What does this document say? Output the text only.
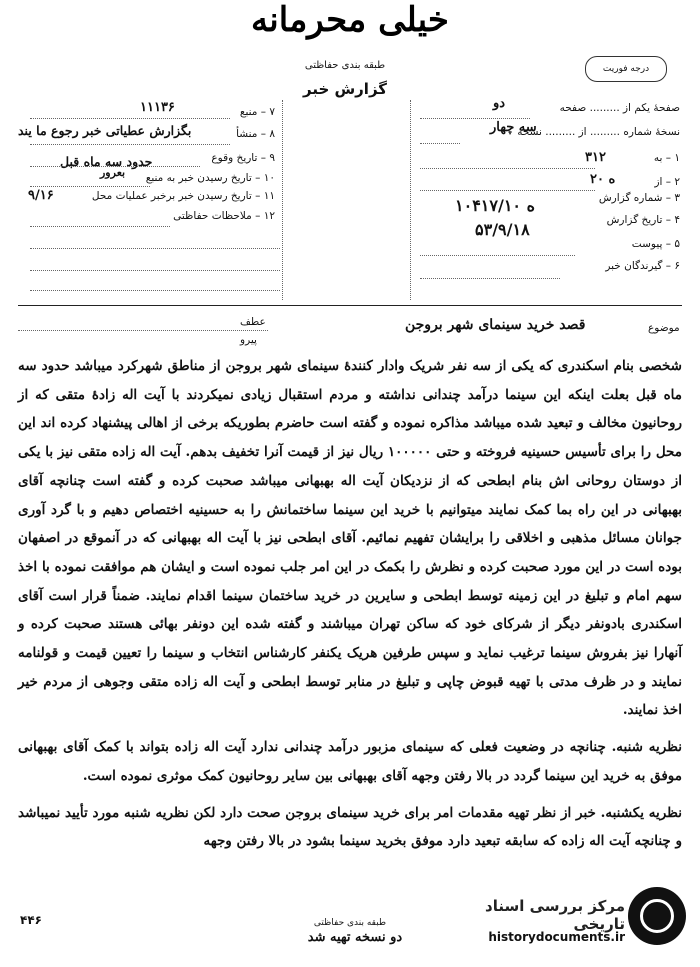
خیلی محرمانه
طبقه بندی حفاظتی
گزارش خبر
درجه فوریت
صفحهٔ یکم از ......... صفحه
دو
نسخهٔ شماره ......... از ......... نسخه
سه چهار
۱ – به
۳۱۲
۲ – از
۲۰ ه
۳ – شماره گزارش
۱۰۴۱۷/۱۰ ه
۴ – تاریخ گزارش
۵۳/۹/۱۸
۵ – پیوست
۶ – گیرندگان خبر
۷ – منبع
۱۱۱۳۶
۸ – منشأ
بگزارش عطیاتی خبر رجوع ما یند
۹ – تاریخ وقوع
حدود سه ماه قبل
۱۰ – تاریخ رسیدن خبر به منبع
بعرور
۱۱ – تاریخ رسیدن خبر برخبر عملیات محل
۹/۱۶
۱۲ – ملاحظات حفاظتی
موضوع
قصد خرید سینمای شهر بروجن
عطف
پیرو

شخصی بنام اسکندری که یکی از سه نفر شریک وادار کنندهٔ سینمای شهر بروجن از مناطق شهرکرد میباشد حدود سه ماه قبل بعلت اینکه این سینما درآمد چندانی نداشته و مردم استقبال زیادی نمیکردند با آیت اله زادهٔ متقی که از روحانیون مخالف و تبعید شده میباشد مذاکره نموده و گفته است حاضرم بطوریکه برخی از اهالی پیشنهاد کرده اند این محل را برای تأسیس حسینیه فروخته و حتی ۱۰۰۰۰۰ ریال نیز از قیمت آنرا تخفیف بدهم. آیت اله زاده متقی نیز با یکی از دوستان روحانی اش بنام ابطحی که از نزدیکان آیت اله بهبهانی میباشد صحبت کرده و گفته است چنانچه آقای بهبهانی در این راه بما کمک نمایند میتوانیم با خرید این سینما ساختمانش را به حسینیه اختصاص دهیم و با گرد آوری جوانان مسائل مذهبی و اخلاقی را برایشان تفهیم نمائیم. آقای ابطحی نیز با آیت اله بهبهانی که در آنموقع در اصفهان بوده است در این مورد صحبت کرده و نظرش را بکمک در این امر جلب نموده است و ایشان هم موافقت نموده با اخذ سهم امام و تبلیغ در این زمینه توسط ابطحی و سایرین در خرید ساختمان سینما اقدام نمایند. ضمناً قرار است آقای اسکندری بادونفر دیگر از شرکای خود که ساکن تهران میباشند و گفته شده این دونفر بهائی هستند صحبت کرده و آنهارا نیز بفروش سینما ترغیب نماید و سپس طرفین هریک یکنفر کارشناس انتخاب و سینما را تعیین قیمت و قولنامه نمایند و در ظرف مدتی با تهیه قبوض چاپی و تبلیغ در منابر توسط ابطحی و آیت اله زاده متقی وجوهی از مردم خیر اخذ نمایند.

نظریه شنبه. چنانچه در وضعیت فعلی که سینمای مزبور درآمد چندانی ندارد آیت اله زاده بتواند با کمک آقای بهبهانی موفق به خرید این سینما گردد در بالا رفتن وجهه آقای بهبهانی بین سایر روحانیون کمک موثری نموده است.

نظریه یکشنبه. خبر از نظر تهیه مقدمات امر برای خرید سینمای بروجن صحت دارد لکن نظریه شنبه مورد تأیید نمیباشد و چنانچه آیت اله زاده که سابقه تبعید دارد موفق بخرید سینما بشود در بالا رفتن وجهه

طبقه بندی حفاظتی
دو نسخه تهیه شد
۴۴۶
مرکز بررسی اسناد تاریخی
historydocuments.ir
